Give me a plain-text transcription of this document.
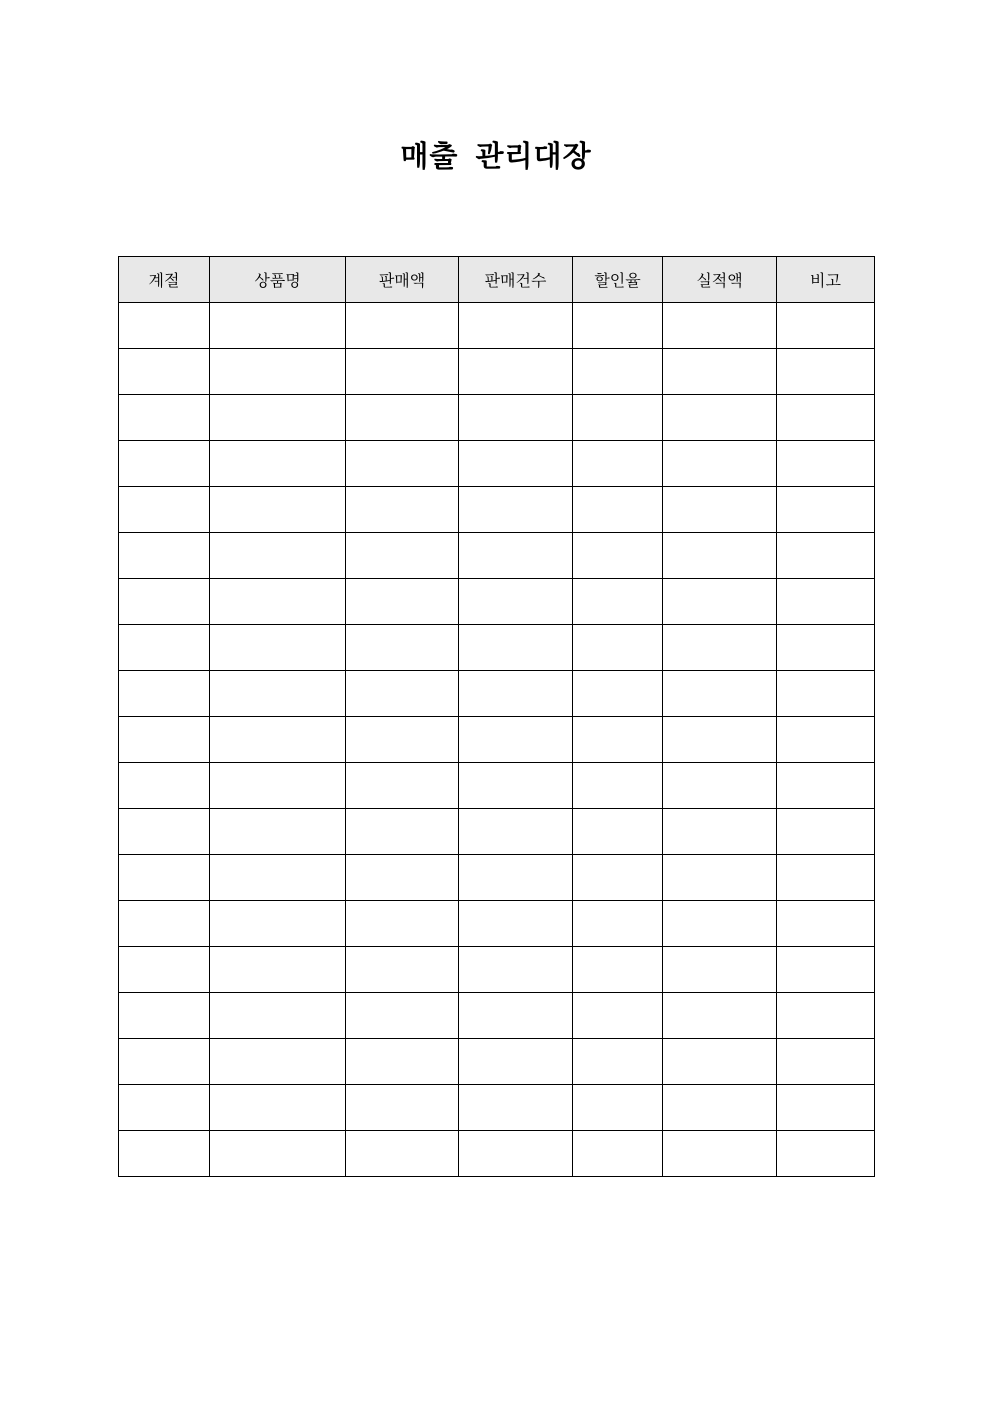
매출 관리대장
계절	상품명	판매액	판매건수	할인율	실적액	비고
